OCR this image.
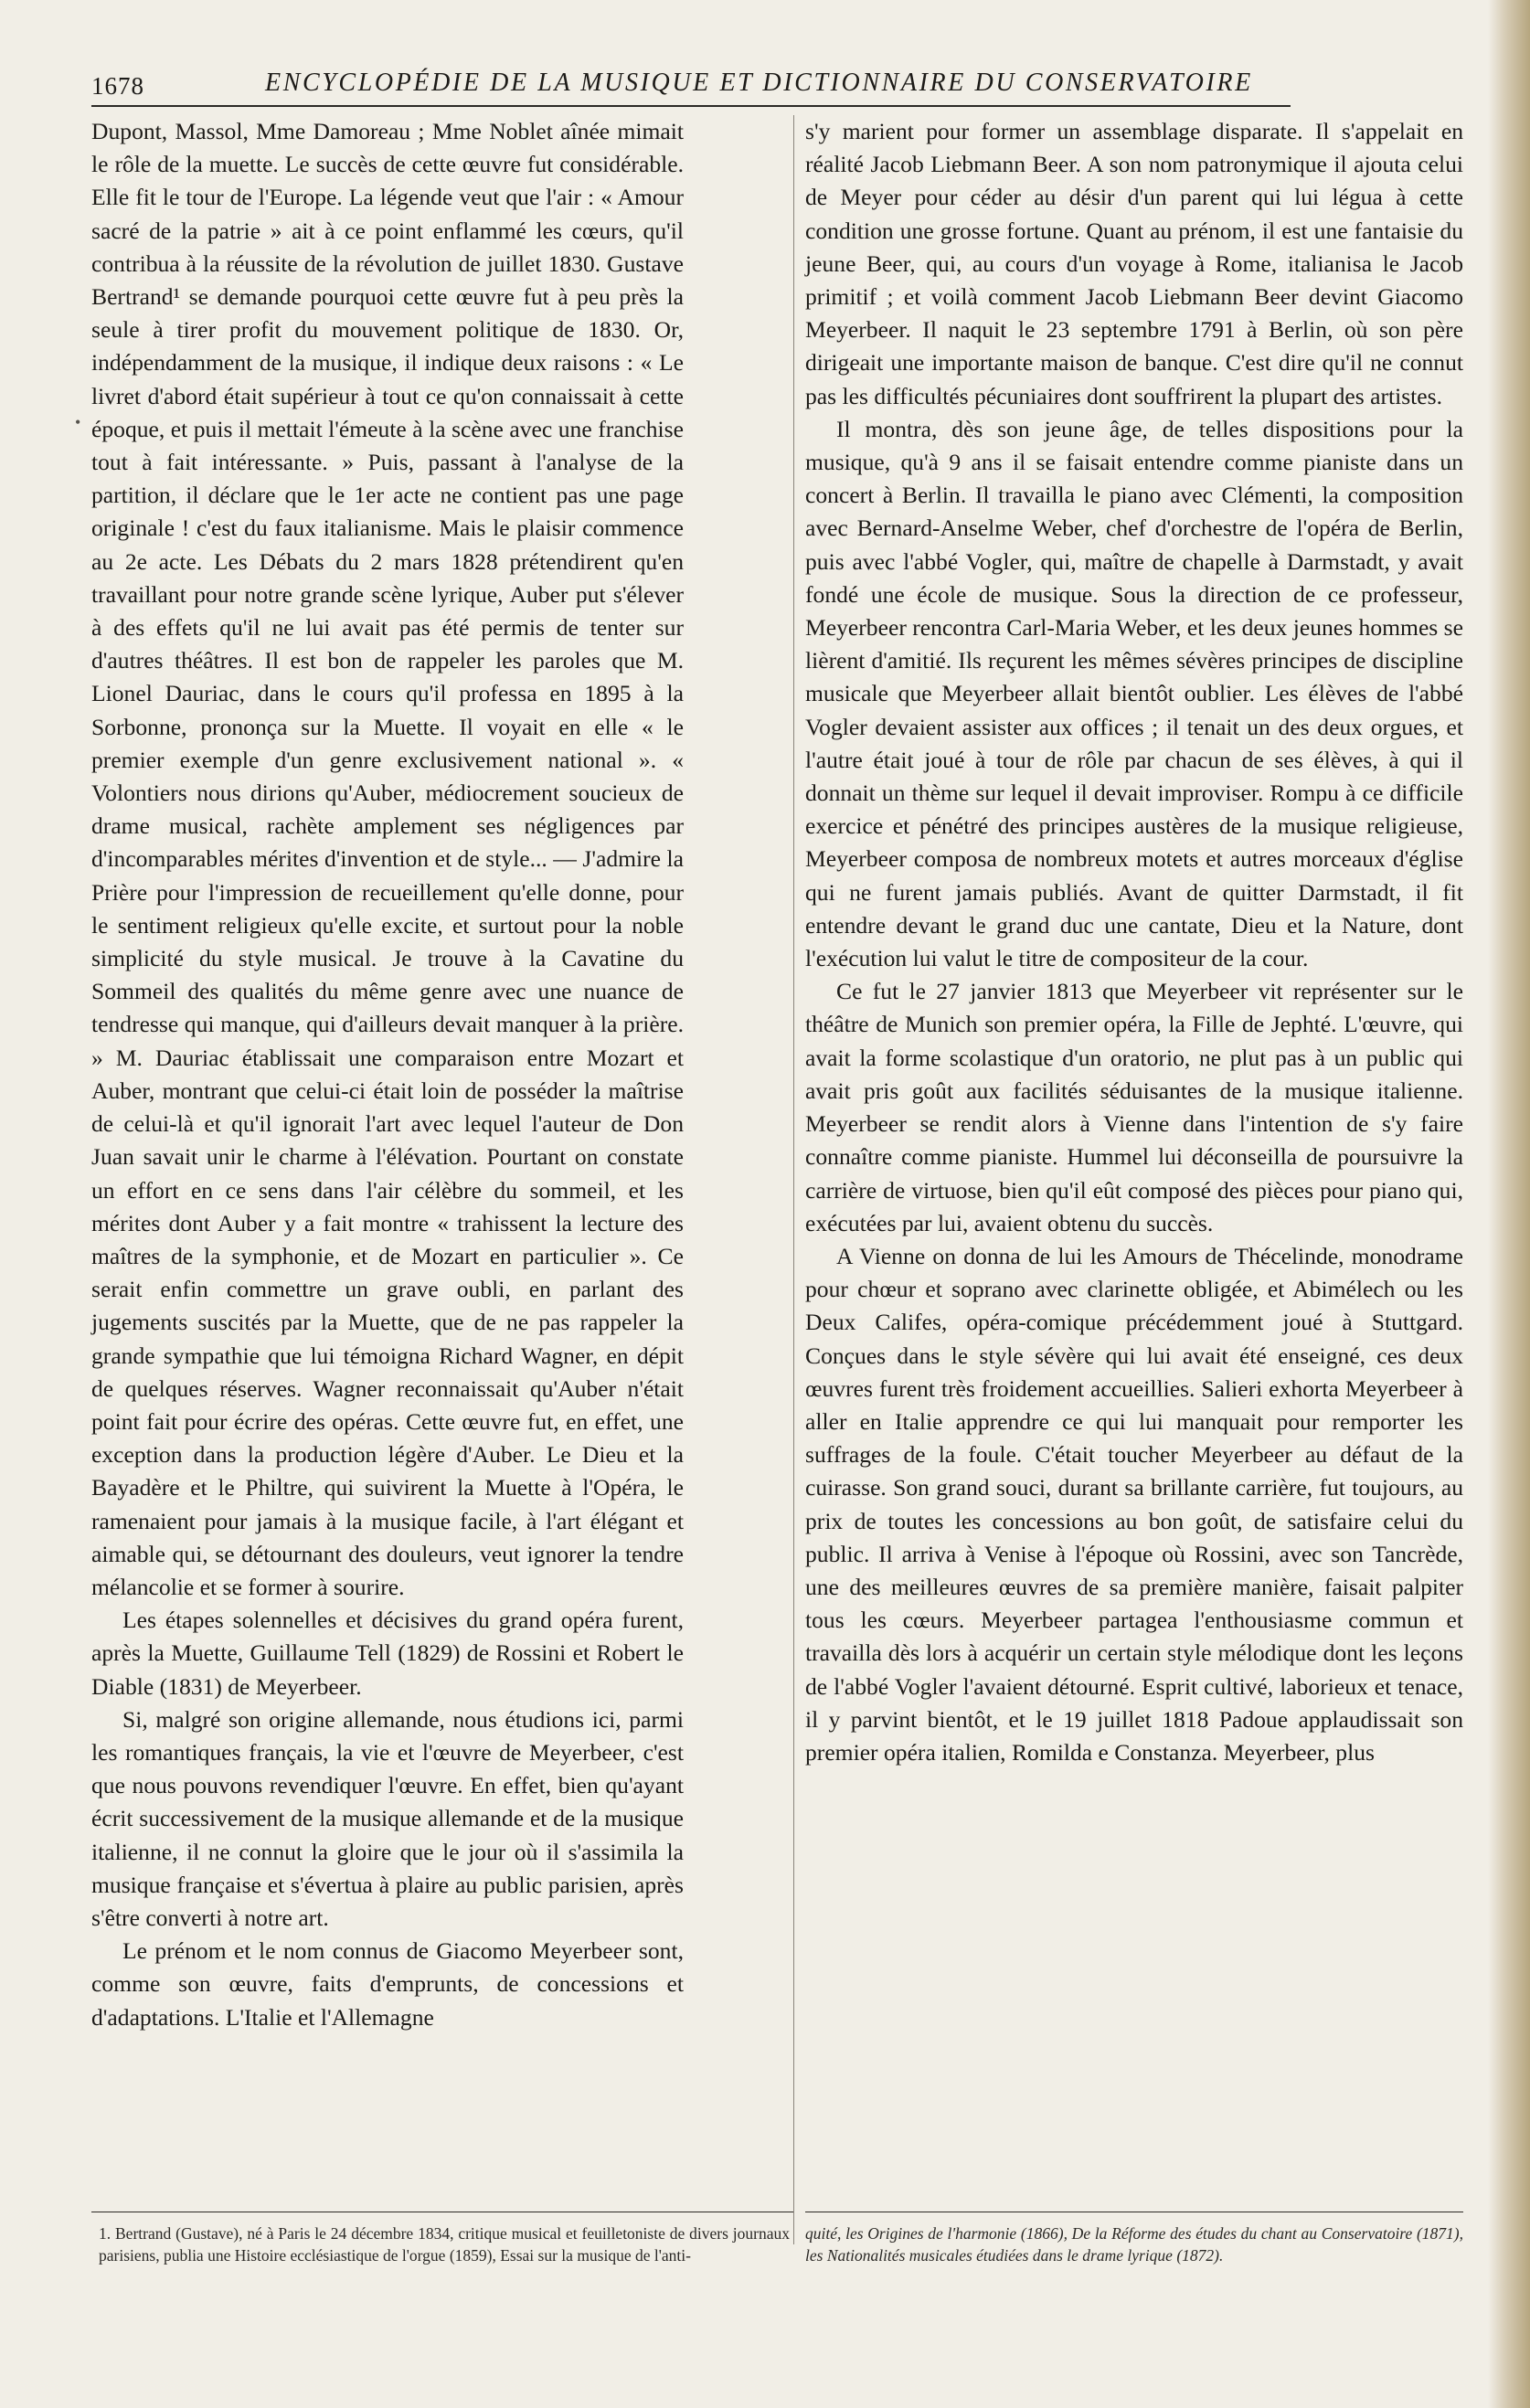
1678	ENCYCLOPÉDIE DE LA MUSIQUE ET DICTIONNAIRE DU CONSERVATOIRE
•

Dupont, Massol, Mme Damoreau ; Mme Noblet aînée mimait le rôle de la muette. Le succès de cette œuvre fut considérable. Elle fit le tour de l'Europe. La légende veut que l'air : « Amour sacré de la patrie » ait à ce point enflammé les cœurs, qu'il contribua à la réussite de la révolution de juillet 1830. Gustave Bertrand¹ se demande pourquoi cette œuvre fut à peu près la seule à tirer profit du mouvement politique de 1830. Or, indépendamment de la musique, il indique deux raisons : « Le livret d'abord était supérieur à tout ce qu'on connaissait à cette époque, et puis il mettait l'émeute à la scène avec une franchise tout à fait intéressante. » Puis, passant à l'analyse de la partition, il déclare que le 1er acte ne contient pas une page originale ! c'est du faux italianisme. Mais le plaisir commence au 2e acte. Les Débats du 2 mars 1828 prétendirent qu'en travaillant pour notre grande scène lyrique, Auber put s'élever à des effets qu'il ne lui avait pas été permis de tenter sur d'autres théâtres. Il est bon de rappeler les paroles que M. Lionel Dauriac, dans le cours qu'il professa en 1895 à la Sorbonne, prononça sur la Muette. Il voyait en elle « le premier exemple d'un genre exclusivement national ». « Volontiers nous dirions qu'Auber, médiocrement soucieux de drame musical, rachète amplement ses négligences par d'incomparables mérites d'invention et de style... — J'admire la Prière pour l'impression de recueillement qu'elle donne, pour le sentiment religieux qu'elle excite, et surtout pour la noble simplicité du style musical. Je trouve à la Cavatine du Sommeil des qualités du même genre avec une nuance de tendresse qui manque, qui d'ailleurs devait manquer à la prière. » M. Dauriac établissait une comparaison entre Mozart et Auber, montrant que celui-ci était loin de posséder la maîtrise de celui-là et qu'il ignorait l'art avec lequel l'auteur de Don Juan savait unir le charme à l'élévation. Pourtant on constate un effort en ce sens dans l'air célèbre du sommeil, et les mérites dont Auber y a fait montre « trahissent la lecture des maîtres de la symphonie, et de Mozart en particulier ». Ce serait enfin commettre un grave oubli, en parlant des jugements suscités par la Muette, que de ne pas rappeler la grande sympathie que lui témoigna Richard Wagner, en dépit de quelques réserves. Wagner reconnaissait qu'Auber n'était point fait pour écrire des opéras. Cette œuvre fut, en effet, une exception dans la production légère d'Auber. Le Dieu et la Bayadère et le Philtre, qui suivirent la Muette à l'Opéra, le ramenaient pour jamais à la musique facile, à l'art élégant et aimable qui, se détournant des douleurs, veut ignorer la tendre mélancolie et se former à sourire.

Les étapes solennelles et décisives du grand opéra furent, après la Muette, Guillaume Tell (1829) de Rossini et Robert le Diable (1831) de Meyerbeer.

Si, malgré son origine allemande, nous étudions ici, parmi les romantiques français, la vie et l'œuvre de Meyerbeer, c'est que nous pouvons revendiquer l'œuvre. En effet, bien qu'ayant écrit successivement de la musique allemande et de la musique italienne, il ne connut la gloire que le jour où il s'assimila la musique française et s'évertua à plaire au public parisien, après s'être converti à notre art.

Le prénom et le nom connus de Giacomo Meyerbeer sont, comme son œuvre, faits d'emprunts, de concessions et d'adaptations. L'Italie et l'Allemagne

s'y marient pour former un assemblage disparate. Il s'appelait en réalité Jacob Liebmann Beer. A son nom patronymique il ajouta celui de Meyer pour céder au désir d'un parent qui lui légua à cette condition une grosse fortune. Quant au prénom, il est une fantaisie du jeune Beer, qui, au cours d'un voyage à Rome, italianisa le Jacob primitif ; et voilà comment Jacob Liebmann Beer devint Giacomo Meyerbeer. Il naquit le 23 septembre 1791 à Berlin, où son père dirigeait une importante maison de banque. C'est dire qu'il ne connut pas les difficultés pécuniaires dont souffrirent la plupart des artistes.

Il montra, dès son jeune âge, de telles dispositions pour la musique, qu'à 9 ans il se faisait entendre comme pianiste dans un concert à Berlin. Il travailla le piano avec Clémenti, la composition avec Bernard-Anselme Weber, chef d'orchestre de l'opéra de Berlin, puis avec l'abbé Vogler, qui, maître de chapelle à Darmstadt, y avait fondé une école de musique. Sous la direction de ce professeur, Meyerbeer rencontra Carl-Maria Weber, et les deux jeunes hommes se lièrent d'amitié. Ils reçurent les mêmes sévères principes de discipline musicale que Meyerbeer allait bientôt oublier. Les élèves de l'abbé Vogler devaient assister aux offices ; il tenait un des deux orgues, et l'autre était joué à tour de rôle par chacun de ses élèves, à qui il donnait un thème sur lequel il devait improviser. Rompu à ce difficile exercice et pénétré des principes austères de la musique religieuse, Meyerbeer composa de nombreux motets et autres morceaux d'église qui ne furent jamais publiés. Avant de quitter Darmstadt, il fit entendre devant le grand duc une cantate, Dieu et la Nature, dont l'exécution lui valut le titre de compositeur de la cour.

Ce fut le 27 janvier 1813 que Meyerbeer vit représenter sur le théâtre de Munich son premier opéra, la Fille de Jephté. L'œuvre, qui avait la forme scolastique d'un oratorio, ne plut pas à un public qui avait pris goût aux facilités séduisantes de la musique italienne. Meyerbeer se rendit alors à Vienne dans l'intention de s'y faire connaître comme pianiste. Hummel lui déconseilla de poursuivre la carrière de virtuose, bien qu'il eût composé des pièces pour piano qui, exécutées par lui, avaient obtenu du succès.

A Vienne on donna de lui les Amours de Thécelinde, monodrame pour chœur et soprano avec clarinette obligée, et Abimélech ou les Deux Califes, opéra-comique précédemment joué à Stuttgard. Conçues dans le style sévère qui lui avait été enseigné, ces deux œuvres furent très froidement accueillies. Salieri exhorta Meyerbeer à aller en Italie apprendre ce qui lui manquait pour remporter les suffrages de la foule. C'était toucher Meyerbeer au défaut de la cuirasse. Son grand souci, durant sa brillante carrière, fut toujours, au prix de toutes les concessions au bon goût, de satisfaire celui du public. Il arriva à Venise à l'époque où Rossini, avec son Tancrède, une des meilleures œuvres de sa première manière, faisait palpiter tous les cœurs. Meyerbeer partagea l'enthousiasme commun et travailla dès lors à acquérir un certain style mélodique dont les leçons de l'abbé Vogler l'avaient détourné. Esprit cultivé, laborieux et tenace, il y parvint bientôt, et le 19 juillet 1818 Padoue applaudissait son premier opéra italien, Romilda e Constanza. Meyerbeer, plus

1. Bertrand (Gustave), né à Paris le 24 décembre 1834, critique musical et feuilletoniste de divers journaux parisiens, publia une Histoire ecclésiastique de l'orgue (1859), Essai sur la musique de l'anti-
quité, les Origines de l'harmonie (1866), De la Réforme des études du chant au Conservatoire (1871), les Nationalités musicales étudiées dans le drame lyrique (1872).
